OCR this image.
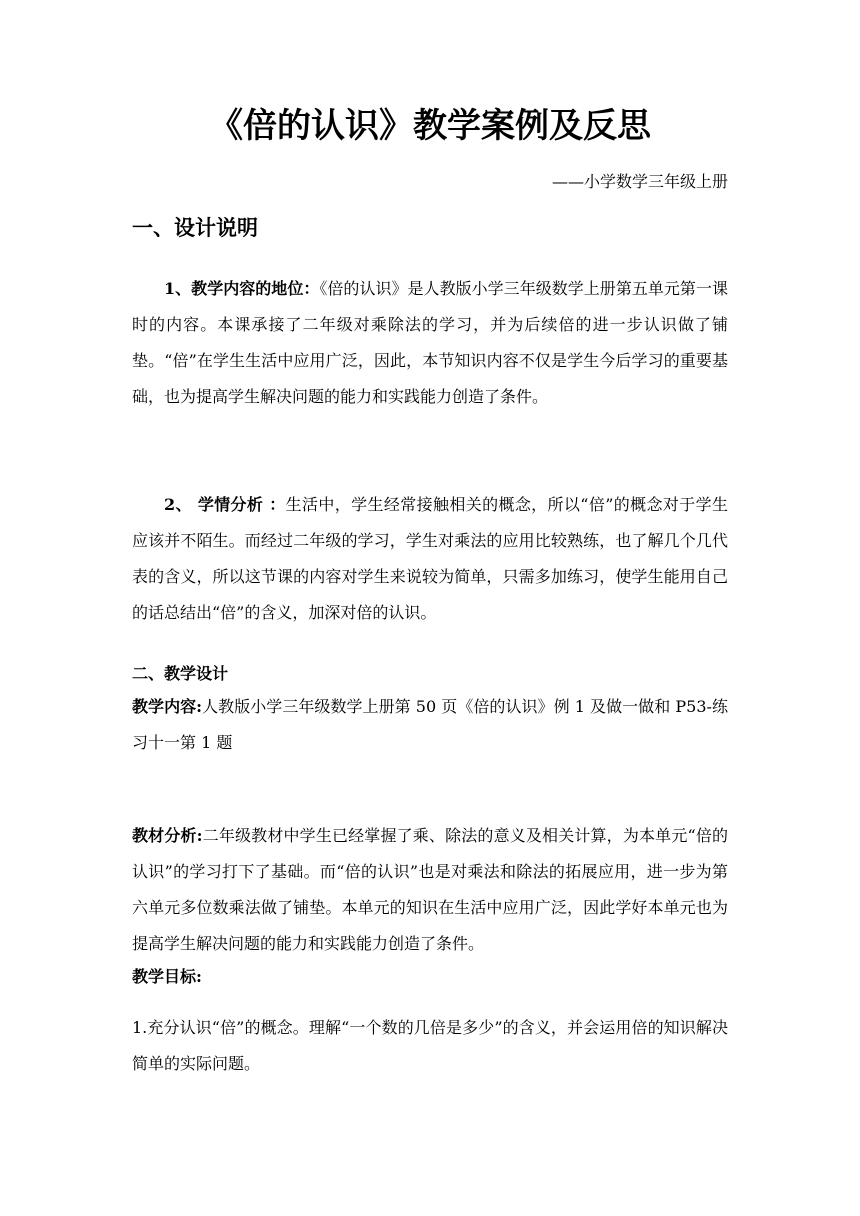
《倍的认识》教学案例及反思

——小学数学三年级上册

一、设计说明

1、教学内容的地位：《倍的认识》是人教版小学三年级数学上册第五单元第一课时的内容。本课承接了二年级对乘除法的学习，并为后续倍的进一步认识做了铺垫。“倍”在学生生活中应用广泛，因此，本节知识内容不仅是学生今后学习的重要基础，也为提高学生解决问题的能力和实践能力创造了条件。

2、 学情分析 ：生活中，学生经常接触相关的概念，所以“倍”的概念对于学生应该并不陌生。而经过二年级的学习，学生对乘法的应用比较熟练，也了解几个几代表的含义，所以这节课的内容对学生来说较为简单，只需多加练习，使学生能用自己的话总结出“倍”的含义，加深对倍的认识。

二、教学设计

教学内容:人教版小学三年级数学上册第 50 页《倍的认识》例 1 及做一做和 P53-练习十一第 1 题

教材分析:二年级教材中学生已经掌握了乘、除法的意义及相关计算，为本单元“倍的认识”的学习打下了基础。而“倍的认识”也是对乘法和除法的拓展应用，进一步为第六单元多位数乘法做了铺垫。本单元的知识在生活中应用广泛，因此学好本单元也为提高学生解决问题的能力和实践能力创造了条件。

教学目标:

1.充分认识“倍”的概念。理解“一个数的几倍是多少”的含义，并会运用倍的知识解决简单的实际问题。
